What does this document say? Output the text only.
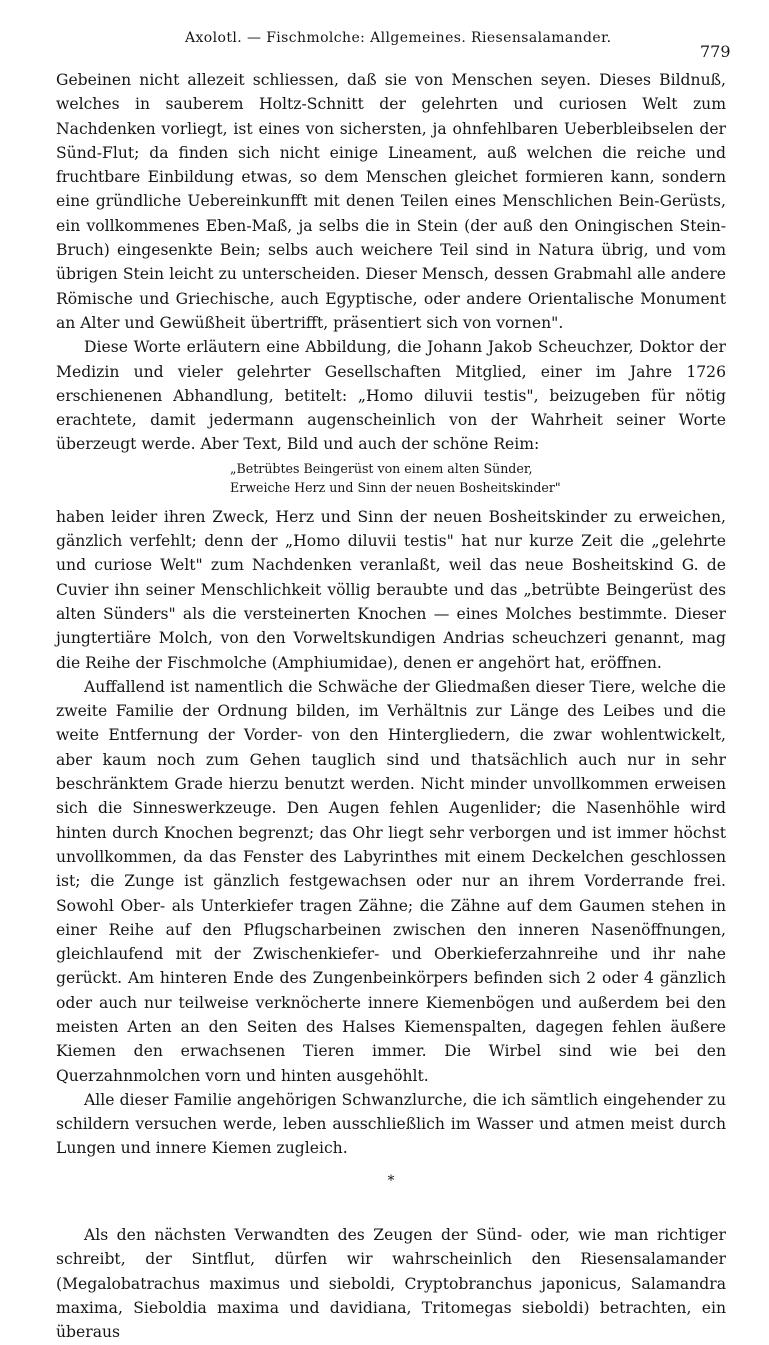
Axolotl. — Fischmolche: Allgemeines. Riesensalamander.
779

Gebeinen nicht allezeit schliessen, daß sie von Menschen seyen. Dieses Bildnuß, welches in sauberem Holtz-Schnitt der gelehrten und curiosen Welt zum Nachdenken vorliegt, ist eines von sichersten, ja ohnfehlbaren Ueberbleibselen der Sünd-Flut; da finden sich nicht einige Lineament, auß welchen die reiche und fruchtbare Einbildung etwas, so dem Menschen gleichet formieren kann, sondern eine gründliche Uebereinkunfft mit denen Teilen eines Menschlichen Bein-Gerüsts, ein vollkommenes Eben-Maß, ja selbs die in Stein (der auß den Oningischen Stein-Bruch) eingesenkte Bein; selbs auch weichere Teil sind in Natura übrig, und vom übrigen Stein leicht zu unterscheiden. Dieser Mensch, dessen Grabmahl alle andere Römische und Griechische, auch Egyptische, oder andere Orientalische Monument an Alter und Gewüßheit übertrifft, präsentiert sich von vornen".

Diese Worte erläutern eine Abbildung, die Johann Jakob Scheuchzer, Doktor der Medizin und vieler gelehrter Gesellschaften Mitglied, einer im Jahre 1726 erschienenen Abhandlung, betitelt: „Homo diluvii testis", beizugeben für nötig erachtete, damit jedermann augenscheinlich von der Wahrheit seiner Worte überzeugt werde. Aber Text, Bild und auch der schöne Reim:

„Betrübtes Beingerüst von einem alten Sünder,
Erweiche Herz und Sinn der neuen Bosheitskinder"

haben leider ihren Zweck, Herz und Sinn der neuen Bosheitskinder zu erweichen, gänzlich verfehlt; denn der „Homo diluvii testis" hat nur kurze Zeit die „gelehrte und curiose Welt" zum Nachdenken veranlaßt, weil das neue Bosheitskind G. de Cuvier ihn seiner Menschlichkeit völlig beraubte und das „betrübte Beingerüst des alten Sünders" als die versteinerten Knochen — eines Molches bestimmte. Dieser jungtertiäre Molch, von den Vorweltskundigen Andrias scheuchzeri genannt, mag die Reihe der Fischmolche (Amphiumidae), denen er angehört hat, eröffnen.

Auffallend ist namentlich die Schwäche der Gliedmaßen dieser Tiere, welche die zweite Familie der Ordnung bilden, im Verhältnis zur Länge des Leibes und die weite Entfernung der Vorder- von den Hintergliedern, die zwar wohlentwickelt, aber kaum noch zum Gehen tauglich sind und thatsächlich auch nur in sehr beschränktem Grade hierzu benutzt werden. Nicht minder unvollkommen erweisen sich die Sinneswerkzeuge. Den Augen fehlen Augenlider; die Nasenhöhle wird hinten durch Knochen begrenzt; das Ohr liegt sehr verborgen und ist immer höchst unvollkommen, da das Fenster des Labyrinthes mit einem Deckelchen geschlossen ist; die Zunge ist gänzlich festgewachsen oder nur an ihrem Vorderrande frei. Sowohl Ober- als Unterkiefer tragen Zähne; die Zähne auf dem Gaumen stehen in einer Reihe auf den Pflugscharbeinen zwischen den inneren Nasenöffnungen, gleichlaufend mit der Zwischenkiefer- und Oberkieferzahnreihe und ihr nahe gerückt. Am hinteren Ende des Zungenbeinkörpers befinden sich 2 oder 4 gänzlich oder auch nur teilweise verknöcherte innere Kiemenbögen und außerdem bei den meisten Arten an den Seiten des Halses Kiemenspalten, dagegen fehlen äußere Kiemen den erwachsenen Tieren immer. Die Wirbel sind wie bei den Querzahnmolchen vorn und hinten ausgehöhlt.

Alle dieser Familie angehörigen Schwanzlurche, die ich sämtlich eingehender zu schildern versuchen werde, leben ausschließlich im Wasser und atmen meist durch Lungen und innere Kiemen zugleich.

*

Als den nächsten Verwandten des Zeugen der Sünd- oder, wie man richtiger schreibt, der Sintflut, dürfen wir wahrscheinlich den Riesensalamander (Megalobatrachus maximus und sieboldi, Cryptobranchus japonicus, Salamandra maxima, Sieboldia maxima und davidiana, Tritomegas sieboldi) betrachten, ein überaus
